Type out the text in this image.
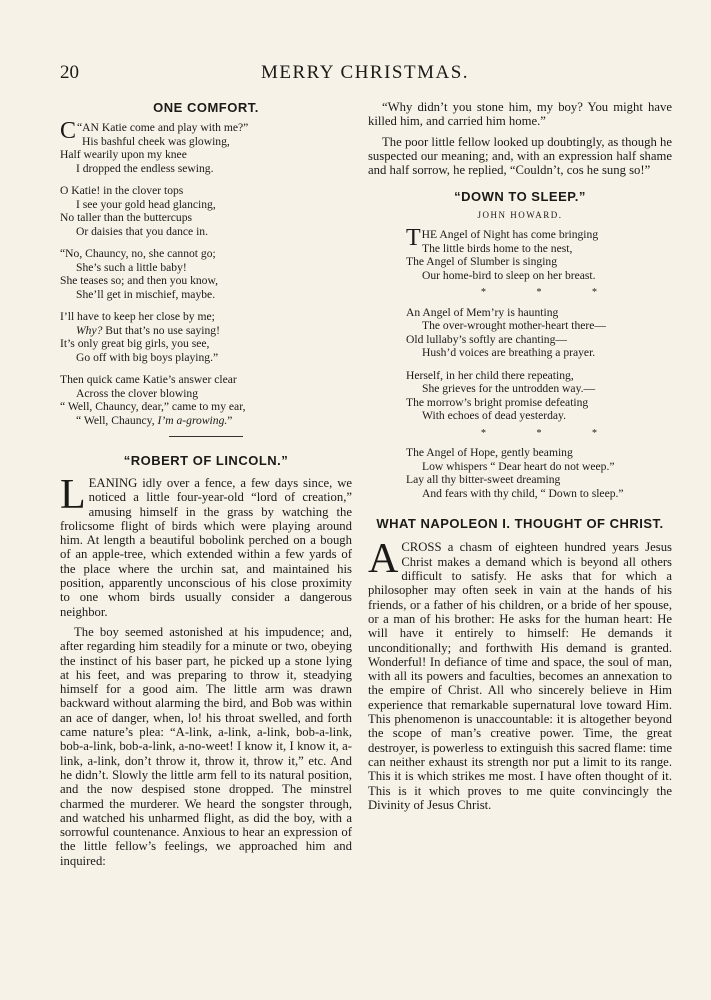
20	MERRY CHRISTMAS.
ONE COMFORT.
“
C AN Katie come and play with me?”
His bashful cheek was glowing,
Half wearily upon my knee
I dropped the endless sewing.
O Katie! in the clover tops
I see your gold head glancing,
No taller than the buttercups
Or daisies that you dance in.
“No, Chauncy, no, she cannot go;
She’s such a little baby!
She teases so; and then you know,
She’ll get in mischief, maybe.
I’ll have to keep her close by me;
Why? But that’s no use saying!
It’s only great big girls, you see,
Go off with big boys playing.”
Then quick came Katie’s answer clear
Across the clover blowing
“ Well, Chauncy, dear,” came to my ear,
“ Well, Chauncy, I’m a-growing.”
“ROBERT OF LINCOLN.”

LEANING idly over a fence, a few days since, we noticed a little four-year-old “lord of creation,” amusing himself in the grass by watching the frolicsome flight of birds which were playing around him. At length a beautiful bobolink perched on a bough of an apple-tree, which extended within a few yards of the place where the urchin sat, and maintained his position, apparently unconscious of his close proximity to one whom birds usually consider a dangerous neighbor.

The boy seemed astonished at his impudence; and, after regarding him steadily for a minute or two, obeying the instinct of his baser part, he picked up a stone lying at his feet, and was preparing to throw it, steadying himself for a good aim. The little arm was drawn backward without alarming the bird, and Bob was within an ace of danger, when, lo! his throat swelled, and forth came nature’s plea: “A-link, a-link, a-link, bob-a-link, bob-a-link, bob-a-link, a-no-weet! I know it, I know it, a-link, a-link, don’t throw it, throw it, throw it,” etc. And he didn’t. Slowly the little arm fell to its natural position, and the now despised stone dropped. The minstrel charmed the murderer. We heard the songster through, and watched his unharmed flight, as did the boy, with a sorrowful countenance. Anxious to hear an expression of the little fellow’s feelings, we approached him and inquired:

“Why didn’t you stone him, my boy? You might have killed him, and carried him home.”

The poor little fellow looked up doubtingly, as though he suspected our meaning; and, with an expression half shame and half sorrow, he replied, “Couldn’t, cos he sung so!”

“DOWN TO SLEEP.”
JOHN HOWARD.
THE Angel of Night has come bringing
The little birds home to the nest,
The Angel of Slumber is singing
Our home-bird to sleep on her breast.
* * *
An Angel of Mem’ry is haunting
The over-wrought mother-heart there—
Old lullaby’s softly are chanting—
Hush’d voices are breathing a prayer.
Herself, in her child there repeating,
She grieves for the untrodden way.—
The morrow’s bright promise defeating
With echoes of dead yesterday.
* * *
The Angel of Hope, gently beaming
Low whispers “ Dear heart do not weep.”
Lay all thy bitter-sweet dreaming
And fears with thy child, “ Down to sleep.”
WHAT NAPOLEON I. THOUGHT OF CHRIST.

ACROSS a chasm of eighteen hundred years Jesus Christ makes a demand which is beyond all others difficult to satisfy. He asks that for which a philosopher may often seek in vain at the hands of his friends, or a father of his children, or a bride of her spouse, or a man of his brother: He asks for the human heart: He will have it entirely to himself: He demands it unconditionally; and forthwith His demand is granted. Wonderful! In defiance of time and space, the soul of man, with all its powers and faculties, becomes an annexation to the empire of Christ. All who sincerely believe in Him experience that remarkable supernatural love toward Him. This phenomenon is unaccountable: it is altogether beyond the scope of man’s creative power. Time, the great destroyer, is powerless to extinguish this sacred flame: time can neither exhaust its strength nor put a limit to its range. This it is which strikes me most. I have often thought of it. This is it which proves to me quite convincingly the Divinity of Jesus Christ.
